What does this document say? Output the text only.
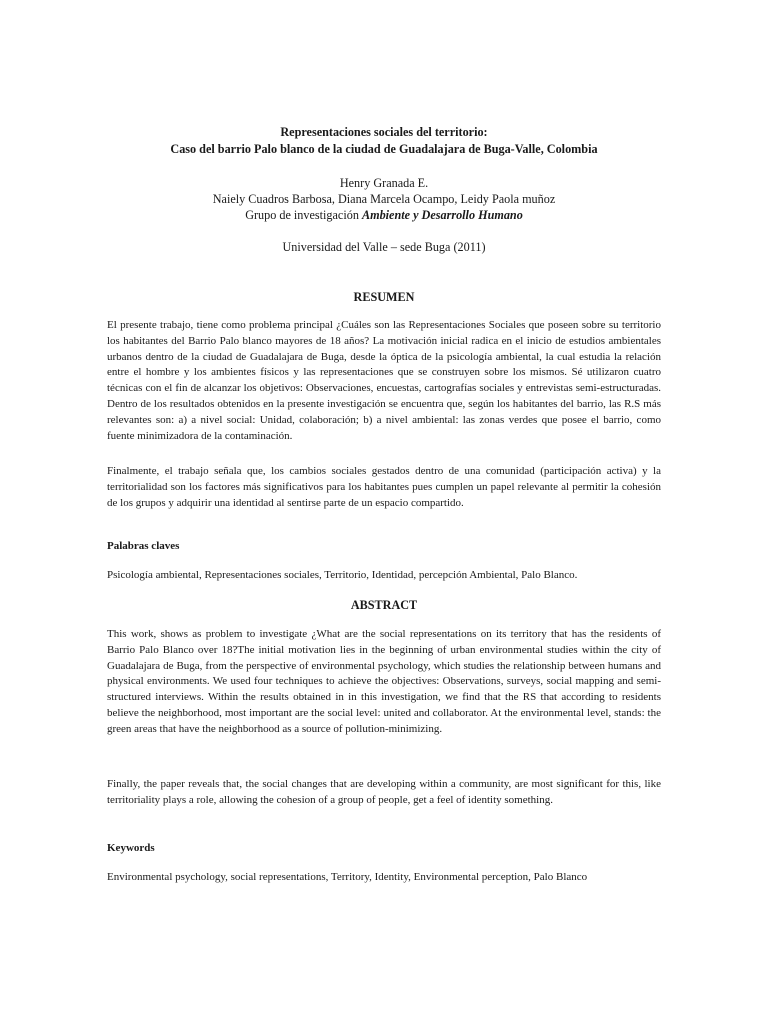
Representaciones sociales del territorio:

Caso del barrio Palo blanco de la ciudad de Guadalajara de Buga-Valle, Colombia

Henry Granada E.

Naiely Cuadros Barbosa, Diana Marcela Ocampo, Leidy Paola muñoz

Grupo de investigación Ambiente y Desarrollo Humano

Universidad del Valle – sede Buga (2011)

RESUMEN

El presente trabajo, tiene como problema principal ¿Cuáles son las Representaciones Sociales que poseen sobre su territorio los habitantes del Barrio Palo blanco mayores de 18 años? La motivación inicial radica en el inicio de estudios ambientales urbanos dentro de la ciudad de Guadalajara de Buga, desde la óptica de la psicología ambiental, la cual estudia la relación entre el hombre y los ambientes físicos y las representaciones que se construyen sobre los mismos. Sé utilizaron cuatro técnicas con el fin de alcanzar los objetivos: Observaciones, encuestas, cartografías sociales y entrevistas semi-estructuradas. Dentro de los resultados obtenidos en la presente investigación se encuentra que, según los habitantes del barrio, las R.S más relevantes son: a) a nivel social: Unidad, colaboración; b) a nivel ambiental: las zonas verdes que posee el barrio, como fuente minimizadora de la contaminación.

Finalmente, el trabajo señala que, los cambios sociales gestados dentro de una comunidad (participación activa) y la territorialidad son los factores más significativos para los habitantes pues cumplen un papel relevante al permitir la cohesión de los grupos y adquirir una identidad al sentirse parte de un espacio compartido.

Palabras claves

Psicología ambiental, Representaciones sociales, Territorio, Identidad, percepción Ambiental, Palo Blanco.

ABSTRACT

This work, shows as problem to investigate ¿What are the social representations on its territory that has the residents of Barrio Palo Blanco over 18?The initial motivation lies in the beginning of urban environmental studies within the city of Guadalajara de Buga, from the perspective of environmental psychology, which studies the relationship between humans and physical environments. We used four techniques to achieve the objectives: Observations, surveys, social mapping and semi-structured interviews. Within the results obtained in in this investigation, we find that the RS that according to residents believe the neighborhood, most important are the social level: united and collaborator. At the environmental level, stands: the green areas that have the neighborhood as a source of pollution-minimizing.

Finally, the paper reveals that, the social changes that are developing within a community, are most significant for this, like territoriality plays a role, allowing the cohesion of a group of people, get a feel of identity something.

Keywords

Environmental psychology, social representations, Territory, Identity, Environmental perception, Palo Blanco
